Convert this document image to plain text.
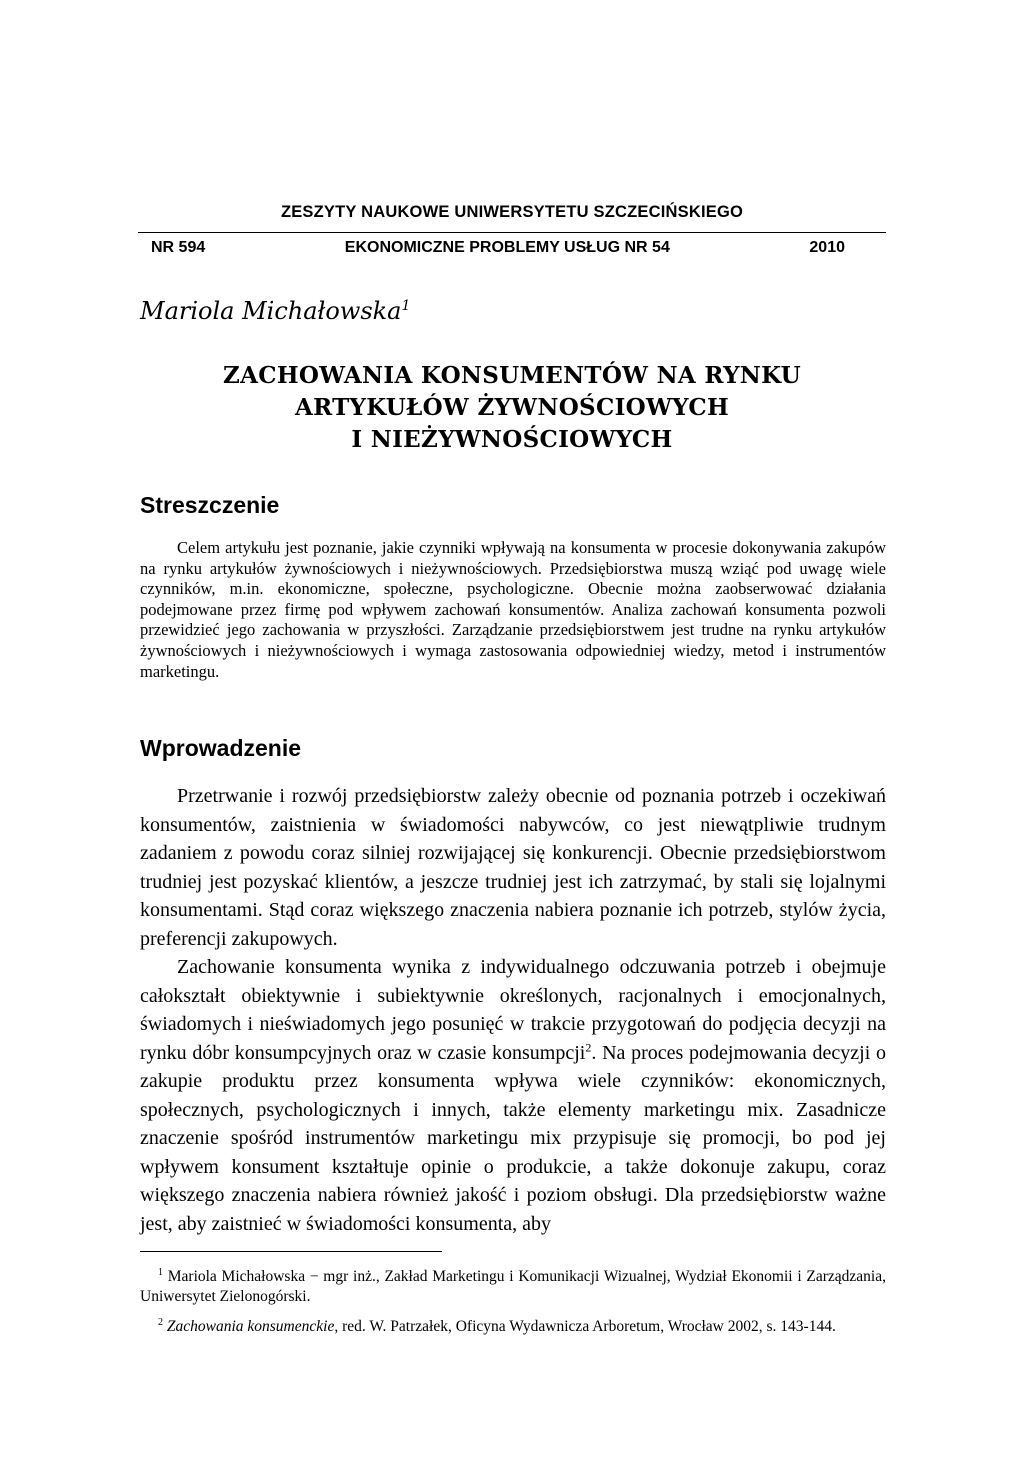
ZESZYTY NAUKOWE UNIWERSYTETU SZCZECIŃSKIEGO
NR 594	EKONOMICZNE PROBLEMY USŁUG NR 54	2010
Mariola Michałowska$^1$
ZACHOWANIA KONSUMENTÓW NA RYNKU
ARTYKUŁÓW ŻYWNOŚCIOWYCH
I NIEŻYWNOŚCIOWYCH
Streszczenie

Celem artykułu jest poznanie, jakie czynniki wpływają na konsumenta w procesie dokonywania zakupów na rynku artykułów żywnościowych i nieżywnościowych. Przedsiębiorstwa muszą wziąć pod uwagę wiele czynników, m.in. ekonomiczne, społeczne, psychologiczne. Obecnie można zaobserwować działania podejmowane przez firmę pod wpływem zachowań konsumentów. Analiza zachowań konsumenta pozwoli przewidzieć jego zachowania w przyszłości. Zarządzanie przedsiębiorstwem jest trudne na rynku artykułów żywnościowych i nieżywnościowych i wymaga zastosowania odpowiedniej wiedzy, metod i instrumentów marketingu.

Wprowadzenie

Przetrwanie i rozwój przedsiębiorstw zależy obecnie od poznania potrzeb i oczekiwań konsumentów, zaistnienia w świadomości nabywców, co jest niewątpliwie trudnym zadaniem z powodu coraz silniej rozwijającej się konkurencji. Obecnie przedsiębiorstwom trudniej jest pozyskać klientów, a jeszcze trudniej jest ich zatrzymać, by stali się lojalnymi konsumentami. Stąd coraz większego znaczenia nabiera poznanie ich potrzeb, stylów życia, preferencji zakupowych.

Zachowanie konsumenta wynika z indywidualnego odczuwania potrzeb i obejmuje całokształt obiektywnie i subiektywnie określonych, racjonalnych i emocjonalnych, świadomych i nieświadomych jego posunięć w trakcie przygotowań do podjęcia decyzji na rynku dóbr konsumpcyjnych oraz w czasie konsumpcji$^2$. Na proces podejmowania decyzji o zakupie produktu przez konsumenta wpływa wiele czynników: ekonomicznych, społecznych, psychologicznych i innych, także elementy marketingu mix. Zasadnicze znaczenie spośród instrumentów marketingu mix przypisuje się promocji, bo pod jej wpływem konsument kształtuje opinie o produkcie, a także dokonuje zakupu, coraz większego znaczenia nabiera również jakość i poziom obsługi. Dla przedsiębiorstw ważne jest, aby zaistnieć w świadomości konsumenta, aby

$^1$ Mariola Michałowska − mgr inż., Zakład Marketingu i Komunikacji Wizualnej, Wydział Ekonomii i Zarządzania, Uniwersytet Zielonogórski.

$^2$ Zachowania konsumenckie, red. W. Patrzałek, Oficyna Wydawnicza Arboretum, Wrocław 2002, s. 143-144.
